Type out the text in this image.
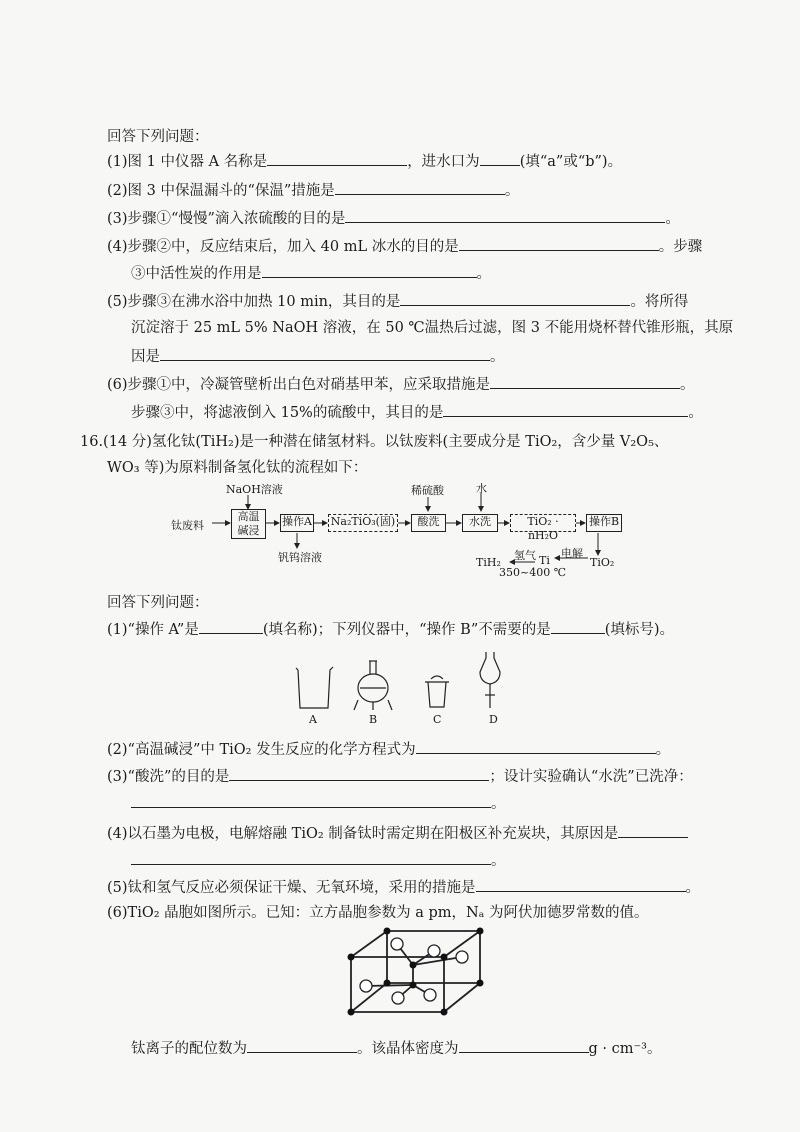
回答下列问题：
(1)图 1 中仪器 A 名称是	，进水口为	(填“a”或“b”)。
(2)图 3 中保温漏斗的“保温”措施是	。
(3)步骤①“慢慢”滴入浓硫酸的目的是	。
(4)步骤②中，反应结束后，加入 40 mL 冰水的目的是	。步骤
③中活性炭的作用是	。
(5)步骤③在沸水浴中加热 10 min，其目的是	。将所得
沉淀溶于 25 mL 5% NaOH 溶液，在 50 ℃温热后过滤，图 3 不能用烧杯替代锥形瓶，其原
因是	。
(6)步骤①中，冷凝管壁析出白色对硝基甲苯，应采取措施是	。
步骤③中，将滤液倒入 15%的硫酸中，其目的是	。
16.(14 分)氢化钛(TiH₂)是一种潜在储氢材料。以钛废料(主要成分是 TiO₂，含少量 V₂O₅、
WO₃ 等)为原料制备氢化钛的流程如下：
NaOH溶液
钛废料
高温
碱浸
操作A Na₂TiO₃(固)
钒钨溶液
稀硫酸
酸洗
水
水洗	TiO₂ · nH₂O
操作B
TiO₂
电解
Ti
氢气
350~400 ℃
TiH₂
回答下列问题：
(1)“操作 A”是	(填名称)；下列仪器中，“操作 B”不需要的是	(填标号)。
A	B	C	D
(2)“高温碱浸”中 TiO₂ 发生反应的化学方程式为	。
(3)“酸洗”的目的是	；设计实验确认“水洗”已洗净：
。
(4)以石墨为电极，电解熔融 TiO₂ 制备钛时需定期在阳极区补充炭块，其原因是
。
(5)钛和氢气反应必须保证干燥、无氧环境，采用的措施是	。
(6)TiO₂ 晶胞如图所示。已知：立方晶胞参数为 a pm，Nₐ 为阿伏加德罗常数的值。
钛离子的配位数为	。该晶体密度为	g · cm⁻³。
